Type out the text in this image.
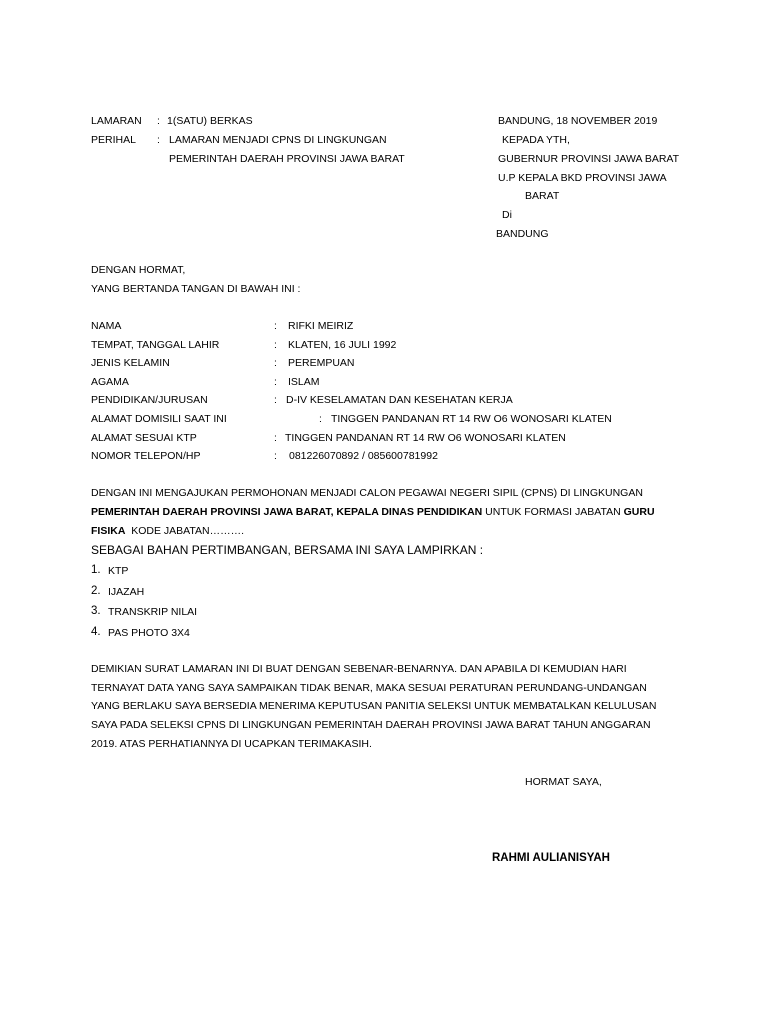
LAMARAN : 1(SATU) BERKAS
PERIHAL : LAMARAN MENJADI CPNS DI LINGKUNGAN
PEMERINTAH DAERAH PROVINSI JAWA BARAT
BANDUNG, 18 NOVEMBER 2019
KEPADA YTH,
GUBERNUR PROVINSI JAWA BARAT
U.P KEPALA BKD PROVINSI JAWA
BARAT
Di
BANDUNG
DENGAN HORMAT,
YANG BERTANDA TANGAN DI BAWAH INI :
NAMA	: RIFKI MEIRIZ
TEMPAT, TANGGAL LAHIR	: KLATEN, 16 JULI 1992
JENIS KELAMIN	: PEREMPUAN
AGAMA	: ISLAM
PENDIDIKAN/JURUSAN	: D-IV KESELAMATAN DAN KESEHATAN KERJA
ALAMAT DOMISILI SAAT INI	: TINGGEN PANDANAN RT 14 RW O6 WONOSARI KLATEN
ALAMAT SESUAI KTP	: TINGGEN PANDANAN RT 14 RW O6 WONOSARI KLATEN
NOMOR TELEPON/HP	: 081226070892 / 085600781992
DENGAN INI MENGAJUKAN PERMOHONAN MENJADI CALON PEGAWAI NEGERI SIPIL (CPNS) DI LINGKUNGAN
PEMERINTAH DAERAH PROVINSI JAWA BARAT, KEPALA DINAS PENDIDIKAN UNTUK FORMASI JABATAN GURU
FISIKA  KODE JABATAN……….
SEBAGAI BAHAN PERTIMBANGAN, BERSAMA INI SAYA LAMPIRKAN :
1. KTP
2. IJAZAH
3. TRANSKRIP NILAI
4. PAS PHOTO 3X4
DEMIKIAN SURAT LAMARAN INI DI BUAT DENGAN SEBENAR-BENARNYA. DAN APABILA DI KEMUDIAN HARI
TERNAYAT DATA YANG SAYA SAMPAIKAN TIDAK BENAR, MAKA SESUAI PERATURAN PERUNDANG-UNDANGAN
YANG BERLAKU SAYA BERSEDIA MENERIMA KEPUTUSAN PANITIA SELEKSI UNTUK MEMBATALKAN KELULUSAN
SAYA PADA SELEKSI CPNS DI LINGKUNGAN PEMERINTAH DAERAH PROVINSI JAWA BARAT TAHUN ANGGARAN
2019. ATAS PERHATIANNYA DI UCAPKAN TERIMAKASIH.
HORMAT SAYA,
RAHMI AULIANISYAH
